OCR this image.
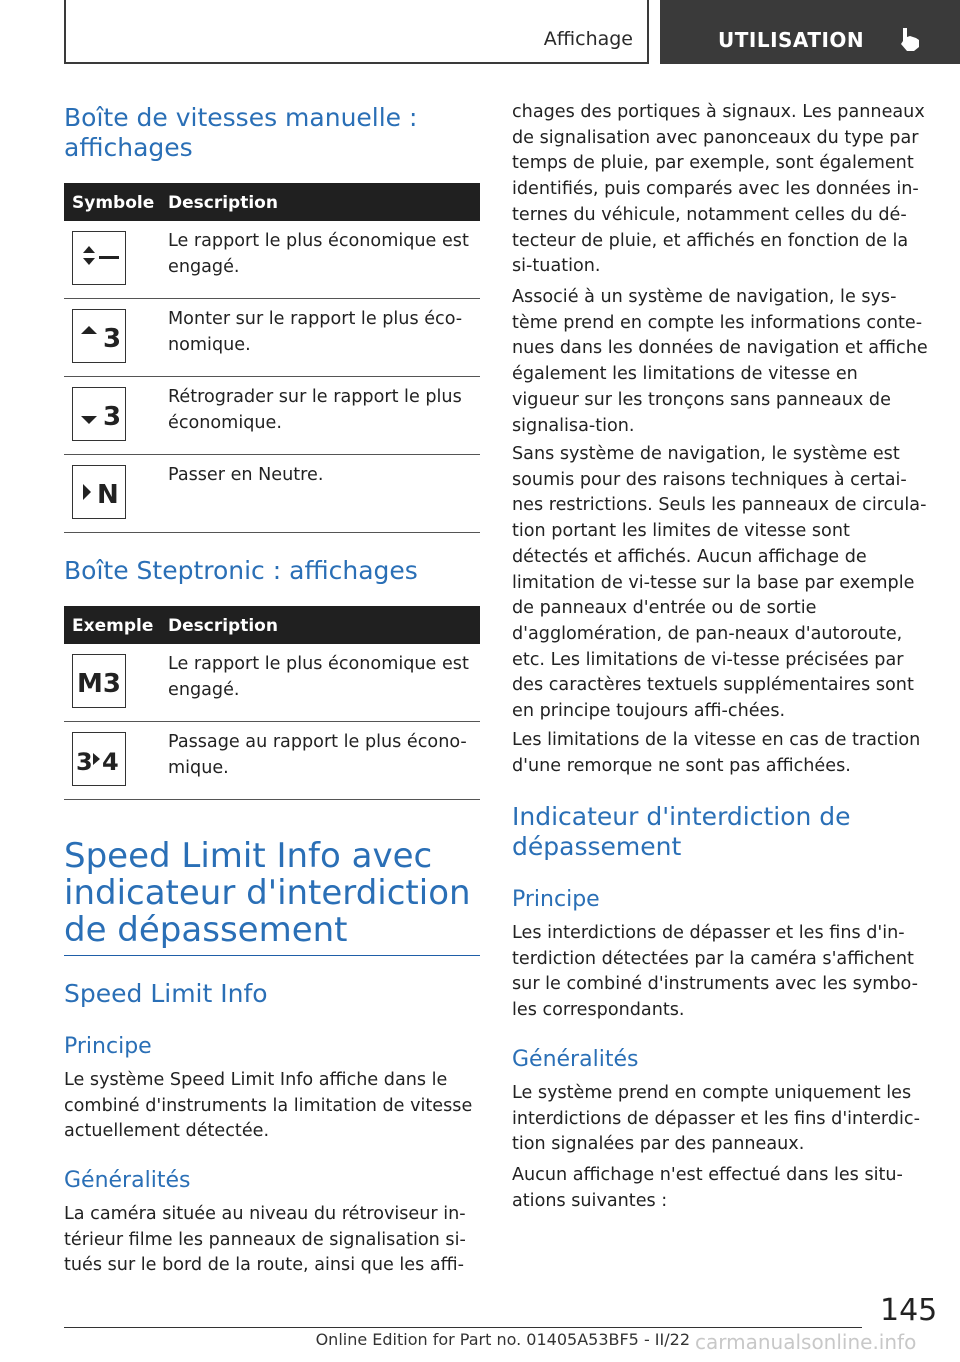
Affichage	UTILISATION
Boîte de vitesses manuelle : affichages
Symbole Description
Le rapport le plus économique est engagé.
3
Monter sur le rapport le plus éco-nomique.
3
Rétrograder sur le rapport le plus économique.
N
Passer en Neutre.
Boîte Steptronic : affichages
Exemple Description
M3
Le rapport le plus économique est engagé.
3 4
Passage au rapport le plus écono-mique.
Speed Limit Info avec indicateur d'interdiction de dépassement
Speed Limit Info
Principe

Le système Speed Limit Info affiche dans le combiné d'instruments la limitation de vitesse actuellement détectée.

Généralités

La caméra située au niveau du rétroviseur in-térieur filme les panneaux de signalisation si-tués sur le bord de la route, ainsi que les affi-

chages des portiques à signaux. Les panneaux de signalisation avec panonceaux du type par temps de pluie, par exemple, sont également identifiés, puis comparés avec les données in-ternes du véhicule, notamment celles du dé-tecteur de pluie, et affichés en fonction de la si-tuation.

Associé à un système de navigation, le sys-tème prend en compte les informations conte-nues dans les données de navigation et affiche également les limitations de vitesse en vigueur sur les tronçons sans panneaux de signalisa-tion.

Sans système de navigation, le système est soumis pour des raisons techniques à certai-nes restrictions. Seuls les panneaux de circula-tion portant les limites de vitesse sont détectés et affichés. Aucun affichage de limitation de vi-tesse sur la base par exemple de panneaux d'entrée ou de sortie d'agglomération, de pan-neaux d'autoroute, etc. Les limitations de vi-tesse précisées par des caractères textuels supplémentaires sont en principe toujours affi-chées.

Les limitations de la vitesse en cas de traction d'une remorque ne sont pas affichées.

Indicateur d'interdiction de dépassement
Principe

Les interdictions de dépasser et les fins d'in-terdiction détectées par la caméra s'affichent sur le combiné d'instruments avec les symbo-les correspondants.

Généralités

Le système prend en compte uniquement les interdictions de dépasser et les fins d'interdic-tion signalées par des panneaux.

Aucun affichage n'est effectué dans les situ-ations suivantes :

145
Online Edition for Part no. 01405A53BF5 - II/22 carmanualsonline.info
